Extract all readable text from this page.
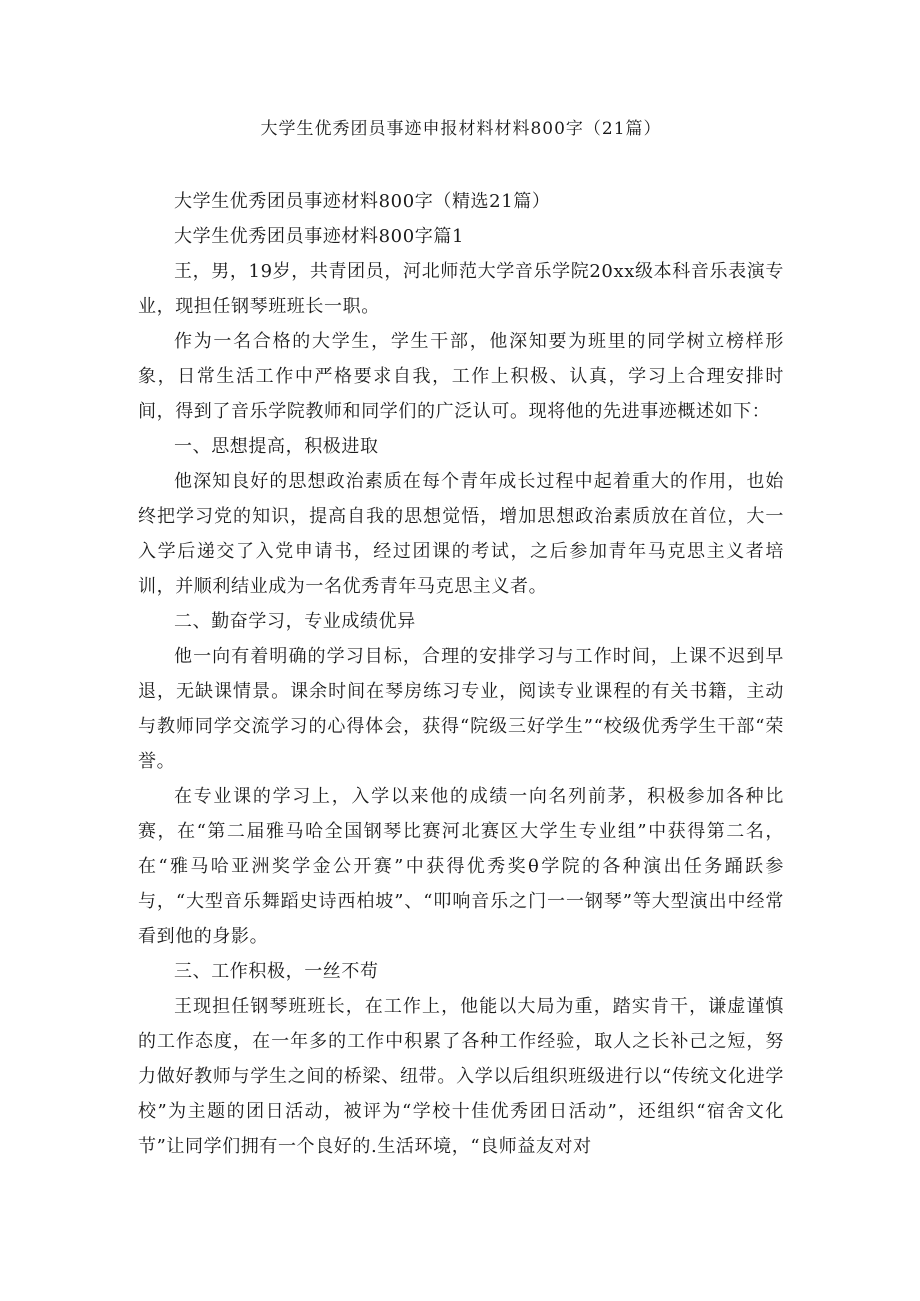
大学生优秀团员事迹申报材料材料800字（21篇）

大学生优秀团员事迹材料800字（精选21篇）

大学生优秀团员事迹材料800字篇1

王，男，19岁，共青团员，河北师范大学音乐学院20xx级本科音乐表演专业，现担任钢琴班班长一职。

作为一名合格的大学生，学生干部，他深知要为班里的同学树立榜样形象，日常生活工作中严格要求自我，工作上积极、认真，学习上合理安排时间，得到了音乐学院教师和同学们的广泛认可。现将他的先进事迹概述如下：

一、思想提高，积极进取

他深知良好的思想政治素质在每个青年成长过程中起着重大的作用，也始终把学习党的知识，提高自我的思想觉悟，增加思想政治素质放在首位，大一入学后递交了入党申请书，经过团课的考试，之后参加青年马克思主义者培训，并顺利结业成为一名优秀青年马克思主义者。

二、勤奋学习，专业成绩优异

他一向有着明确的学习目标，合理的安排学习与工作时间，上课不迟到早退，无缺课情景。课余时间在琴房练习专业，阅读专业课程的有关书籍，主动与教师同学交流学习的心得体会，获得“院级三好学生”“校级优秀学生干部“荣誉。

在专业课的学习上，入学以来他的成绩一向名列前茅，积极参加各种比赛，在“第二届雅马哈全国钢琴比赛河北赛区大学生专业组”中获得第二名，在“雅马哈亚洲奖学金公开赛”中获得优秀奖θ学院的各种演出任务踊跃参与，“大型音乐舞蹈史诗西柏坡”、“叩响音乐之门一一钢琴”等大型演出中经常看到他的身影。

三、工作积极，一丝不苟

王现担任钢琴班班长，在工作上，他能以大局为重，踏实肯干，谦虚谨慎的工作态度，在一年多的工作中积累了各种工作经验，取人之长补己之短，努力做好教师与学生之间的桥梁、纽带。入学以后组织班级进行以“传统文化进学校”为主题的团日活动，被评为“学校十佳优秀团日活动”，还组织“宿舍文化节”让同学们拥有一个良好的.生活环境，“良师益友对对
